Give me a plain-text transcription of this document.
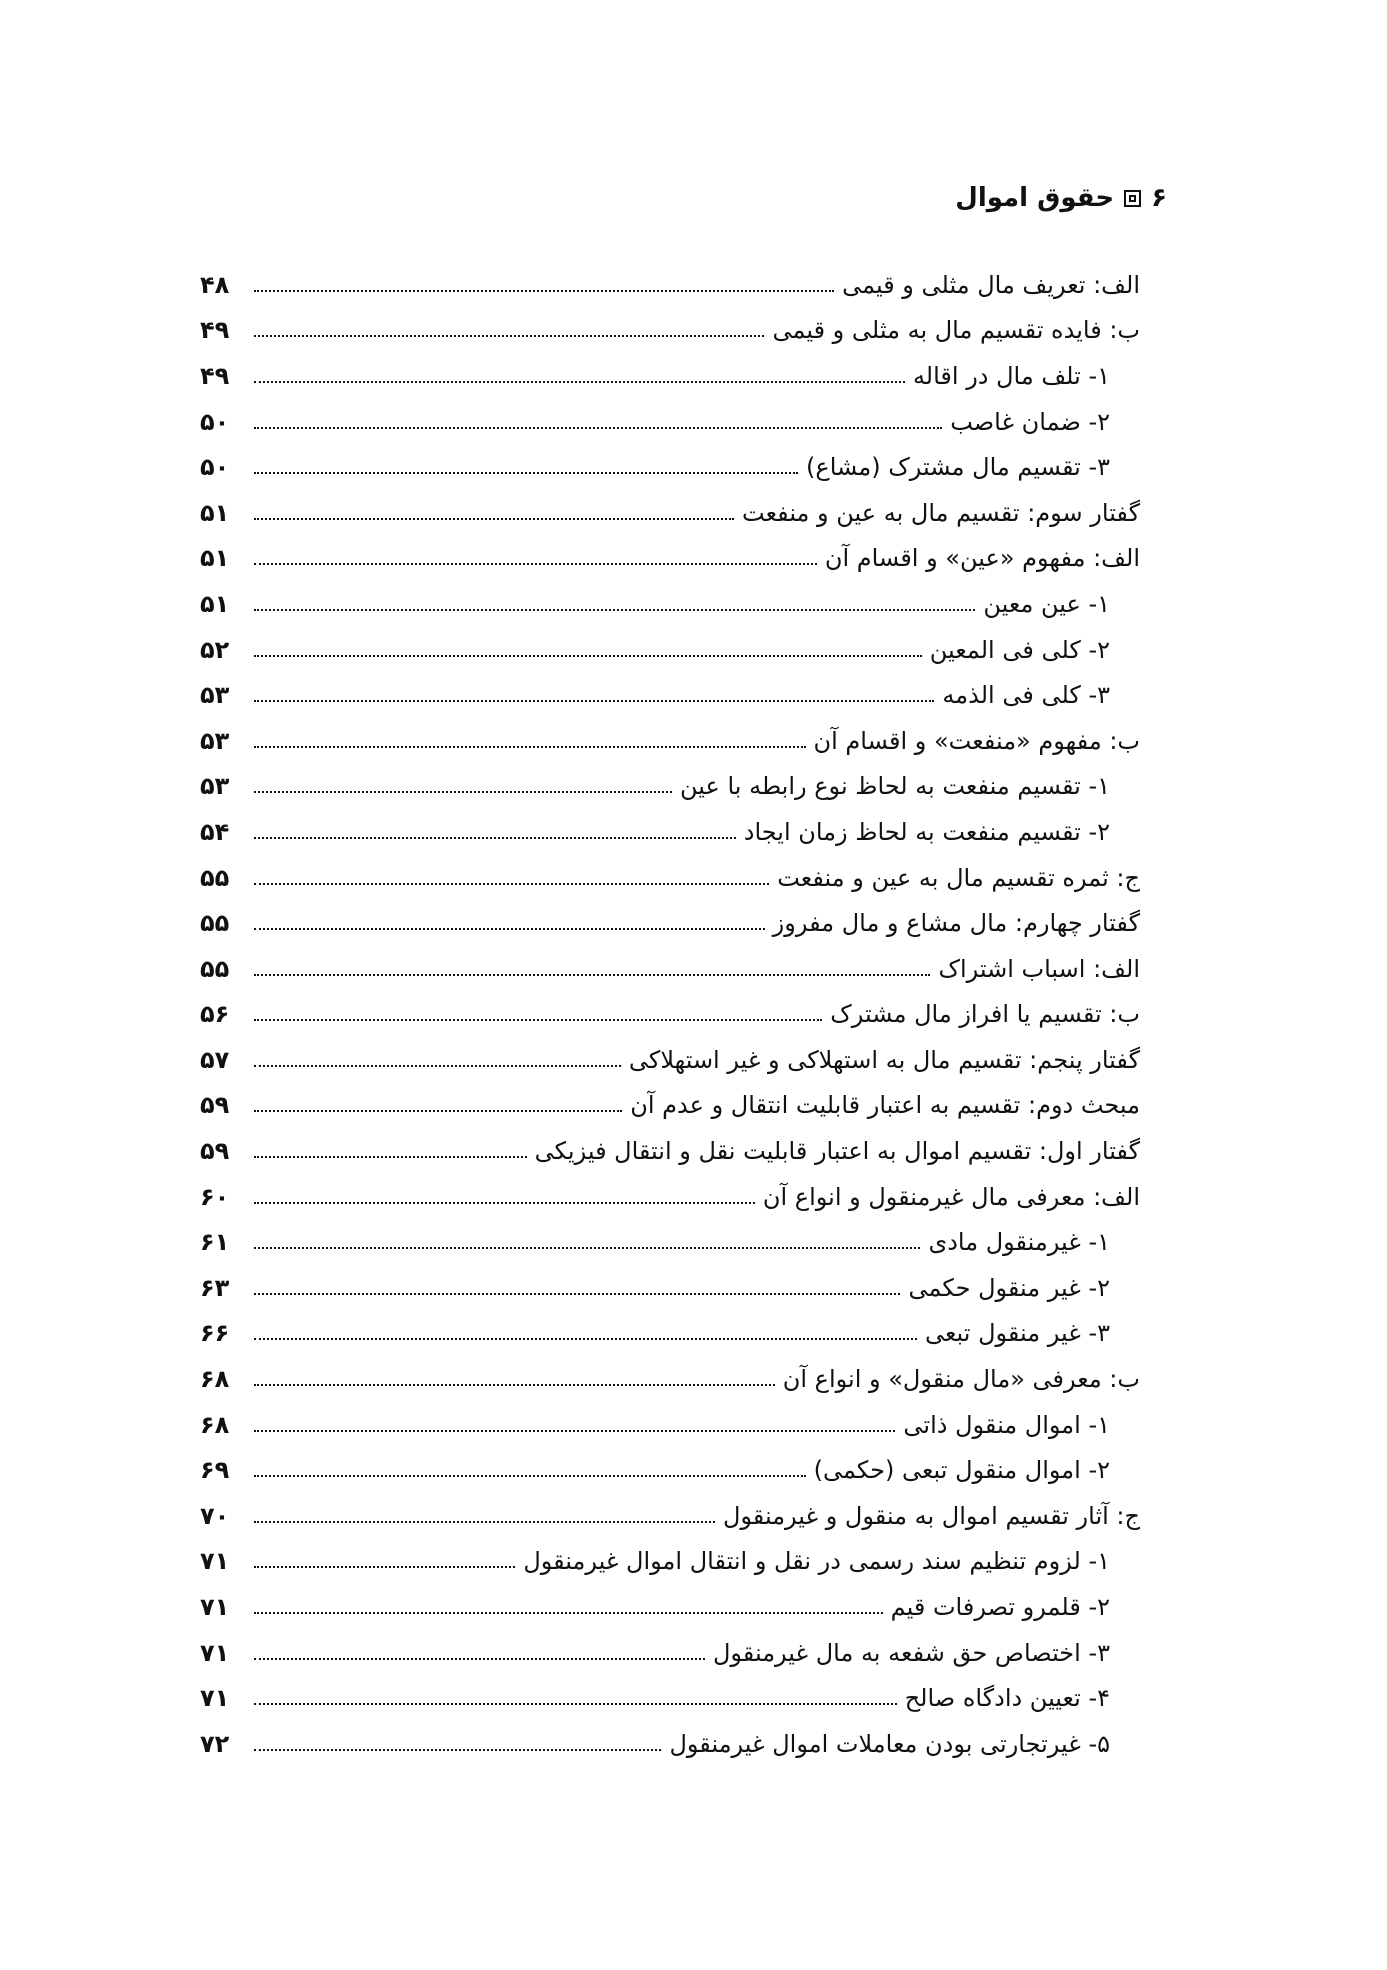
۶
حقوق اموال
الف: تعریف مال مثلی و قیمی
۴۸
ب: فایده تقسیم مال به مثلی و قیمی
۴۹
۱- تلف مال در اقاله
۴۹
۲- ضمان غاصب
۵۰
۳- تقسیم مال مشترک (مشاع)
۵۰
گفتار سوم: تقسیم مال به عین و منفعت
۵۱
الف: مفهوم «عین» و اقسام آن
۵۱
۱- عین معین
۵۱
۲- کلی فی المعین
۵۲
۳- کلی فی الذمه
۵۳
ب: مفهوم «منفعت» و اقسام آن
۵۳
۱- تقسیم منفعت به لحاظ نوع رابطه با عین
۵۳
۲- تقسیم منفعت به لحاظ زمان ایجاد
۵۴
ج: ثمره تقسیم مال به عین و منفعت
۵۵
گفتار چهارم: مال مشاع و مال مفروز
۵۵
الف: اسباب اشتراک
۵۵
ب: تقسیم یا افراز مال مشترک
۵۶
گفتار پنجم: تقسیم مال به استهلاکی و غیر استهلاکی
۵۷
مبحث دوم: تقسیم به اعتبار قابلیت انتقال و عدم آن
۵۹
گفتار اول: تقسیم اموال به اعتبار قابلیت نقل و انتقال فیزیکی
۵۹
الف: معرفی مال غیرمنقول و انواع آن
۶۰
۱- غیرمنقول مادی
۶۱
۲- غیر منقول حکمی
۶۳
۳- غیر منقول تبعی
۶۶
ب: معرفی «مال منقول» و انواع آن
۶۸
۱- اموال منقول ذاتی
۶۸
۲- اموال منقول تبعی (حکمی)
۶۹
ج: آثار تقسیم اموال به منقول و غیرمنقول
۷۰
۱- لزوم تنظیم سند رسمی در نقل و انتقال اموال غیرمنقول
۷۱
۲- قلمرو تصرفات قیم
۷۱
۳- اختصاص حق شفعه به مال غیرمنقول
۷۱
۴- تعیین دادگاه صالح
۷۱
۵- غیرتجارتی بودن معاملات اموال غیرمنقول
۷۲
